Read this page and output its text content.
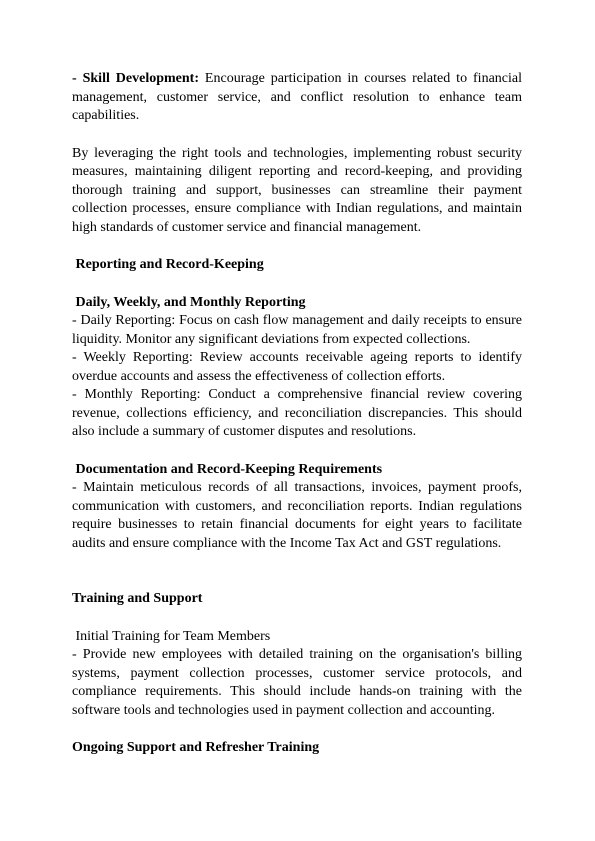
- Skill Development: Encourage participation in courses related to financial management, customer service, and conflict resolution to enhance team capabilities.

By leveraging the right tools and technologies, implementing robust security measures, maintaining diligent reporting and record-keeping, and providing thorough training and support, businesses can streamline their payment collection processes, ensure compliance with Indian regulations, and maintain high standards of customer service and financial management.

Reporting and Record-Keeping

Daily, Weekly, and Monthly Reporting

- Daily Reporting: Focus on cash flow management and daily receipts to ensure liquidity. Monitor any significant deviations from expected collections.

- Weekly Reporting: Review accounts receivable ageing reports to identify overdue accounts and assess the effectiveness of collection efforts.

- Monthly Reporting: Conduct a comprehensive financial review covering revenue, collections efficiency, and reconciliation discrepancies. This should also include a summary of customer disputes and resolutions.

Documentation and Record-Keeping Requirements

- Maintain meticulous records of all transactions, invoices, payment proofs, communication with customers, and reconciliation reports. Indian regulations require businesses to retain financial documents for eight years to facilitate audits and ensure compliance with the Income Tax Act and GST regulations.

Training and Support

Initial Training for Team Members

- Provide new employees with detailed training on the organisation's billing systems, payment collection processes, customer service protocols, and compliance requirements. This should include hands-on training with the software tools and technologies used in payment collection and accounting.

Ongoing Support and Refresher Training
